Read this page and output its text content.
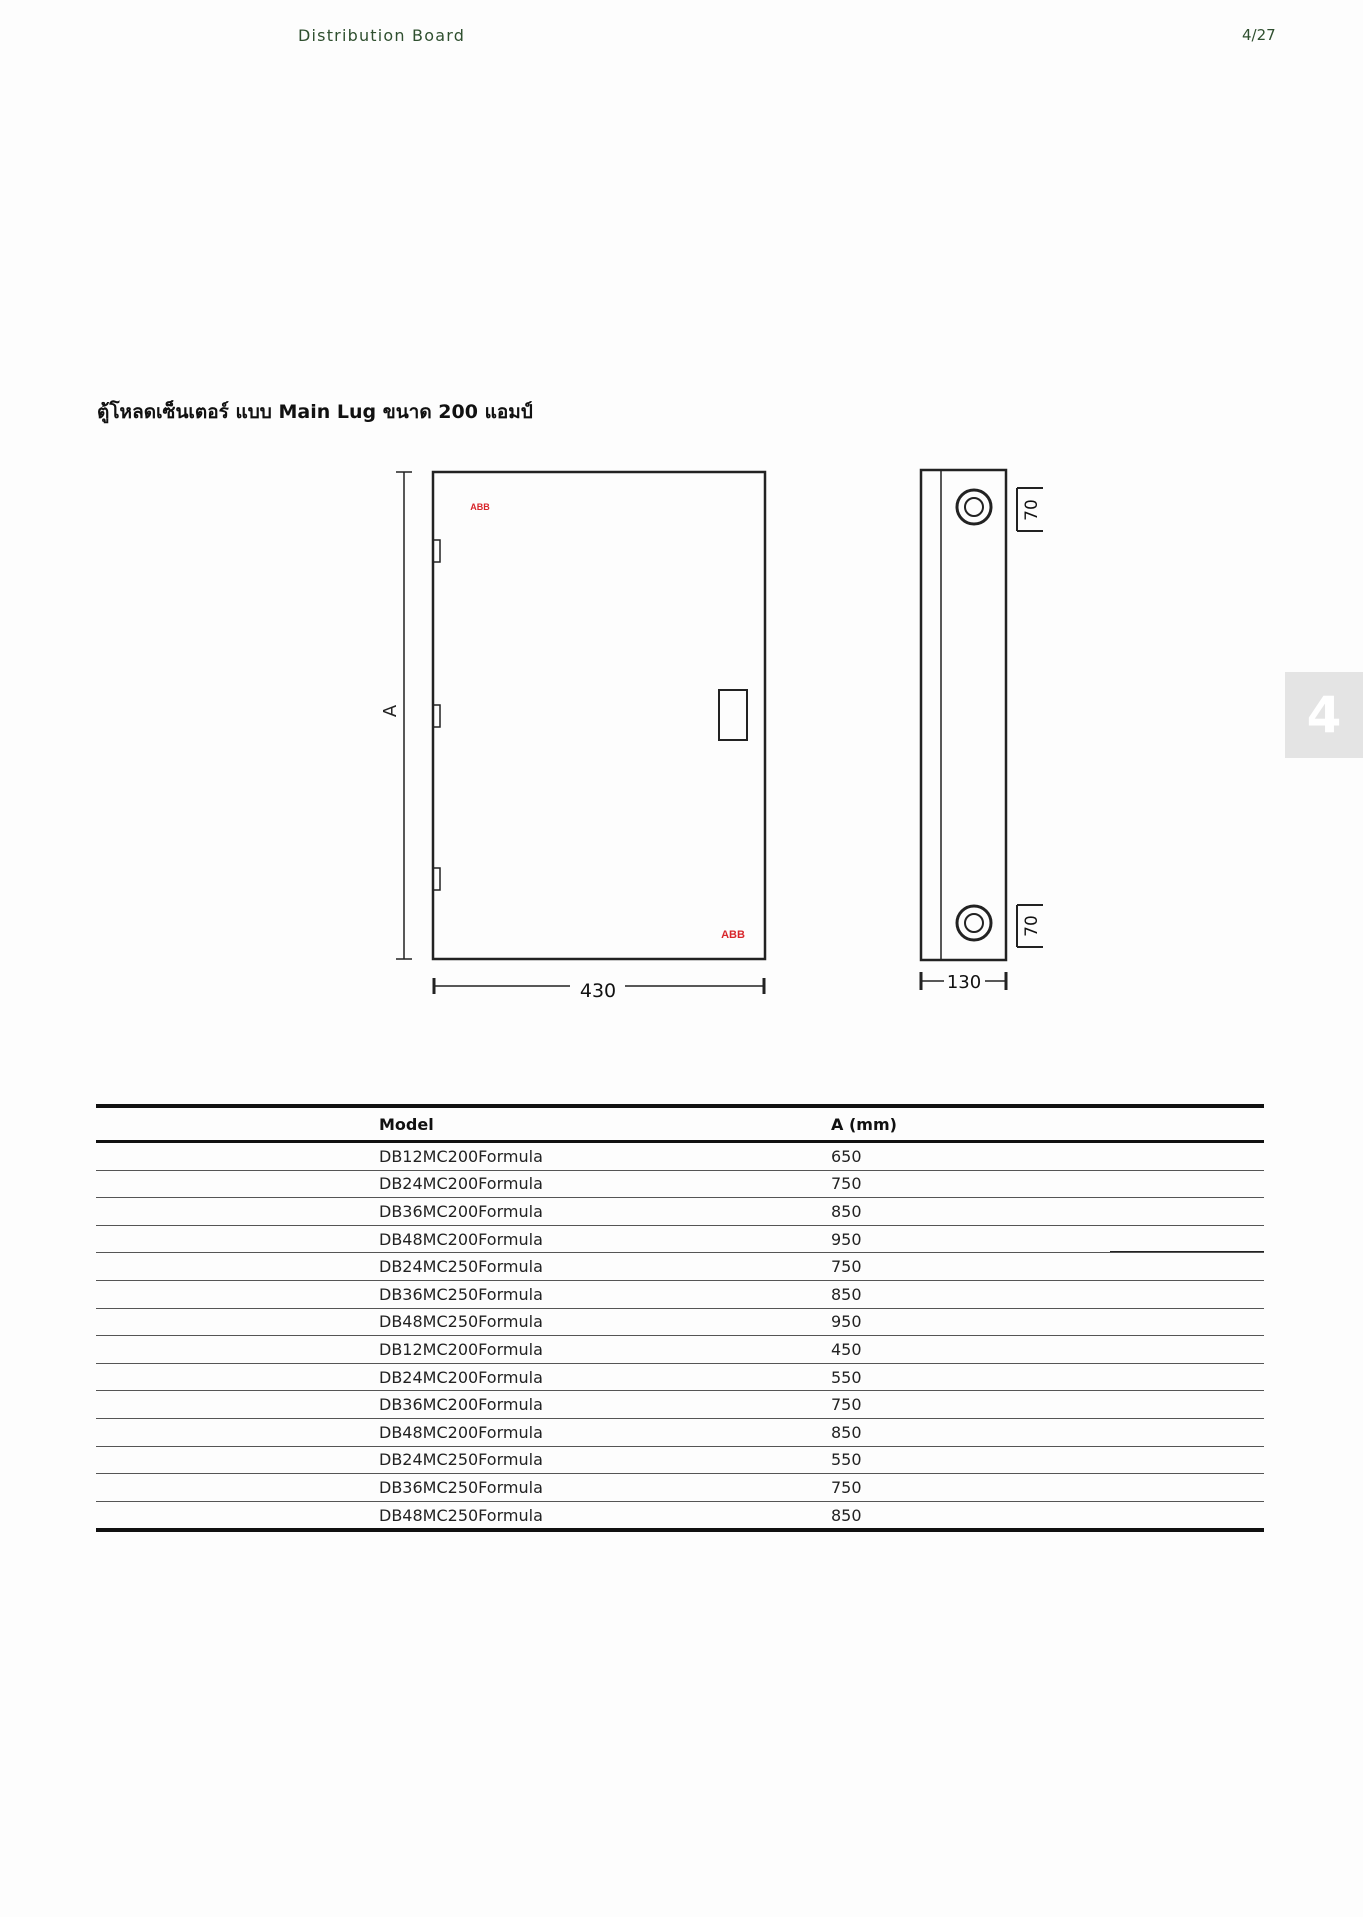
Distribution Board	4/27
ตู้โหลดเซ็นเตอร์ แบบ Main Lug ขนาด 200 แอมป์
4
ABB
ABB
A
430	130
70
70
Model	A (mm)
DB12MC200Formula	650
DB24MC200Formula	750
DB36MC200Formula	850
DB48MC200Formula	950
DB24MC250Formula	750
DB36MC250Formula	850
DB48MC250Formula	950
DB12MC200Formula	450
DB24MC200Formula	550
DB36MC200Formula	750
DB48MC200Formula	850
DB24MC250Formula	550
DB36MC250Formula	750
DB48MC250Formula	850
